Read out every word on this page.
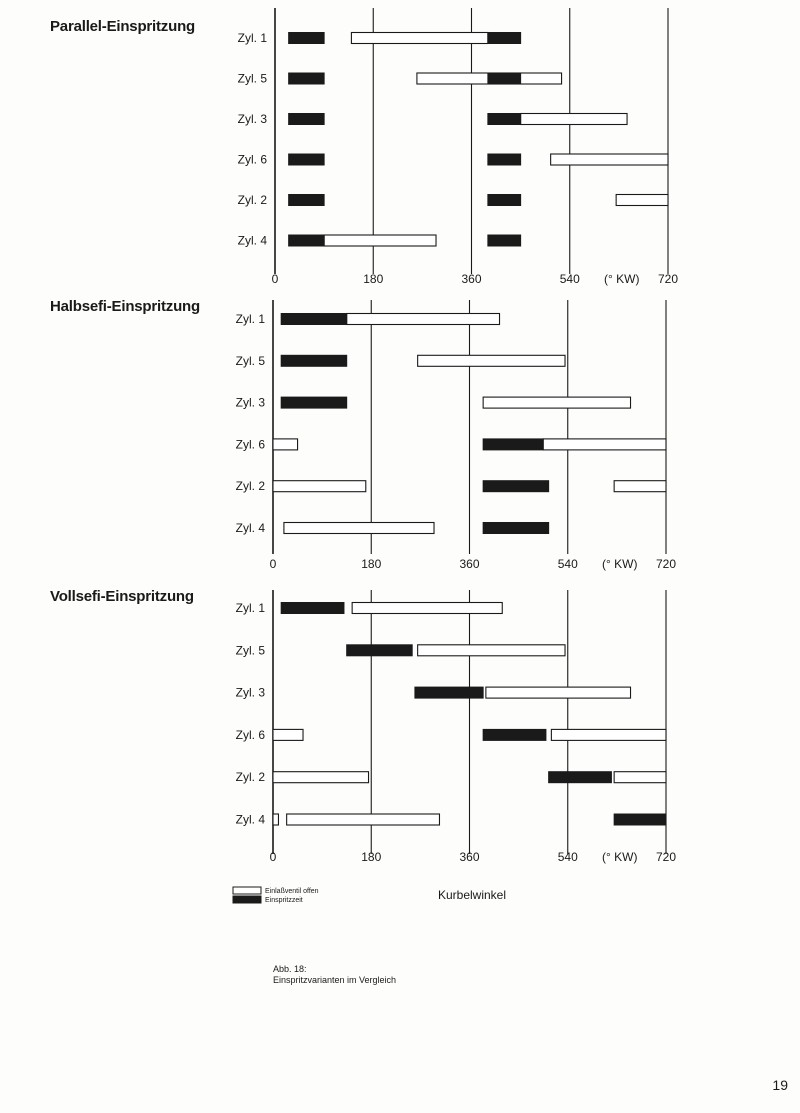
Parallel-Einspritzung
Halbsefi-Einspritzung
Vollsefi-Einspritzung
0	180	360	540 (° KW) 720
Zyl. 1
Zyl. 5
Zyl. 3
Zyl. 6
Zyl. 2
Zyl. 4
0	180	360	540 (° KW) 720
Zyl. 1
Zyl. 5
Zyl. 3
Zyl. 6
Zyl. 2
Zyl. 4
0	180	360	540 (° KW) 720
Zyl. 1
Zyl. 5
Zyl. 3
Zyl. 6
Zyl. 2
Zyl. 4
Einlaßventil offen
Einspritzzeit	Kurbelwinkel
Abb. 18:
Einspritzvarianten im Vergleich
19
